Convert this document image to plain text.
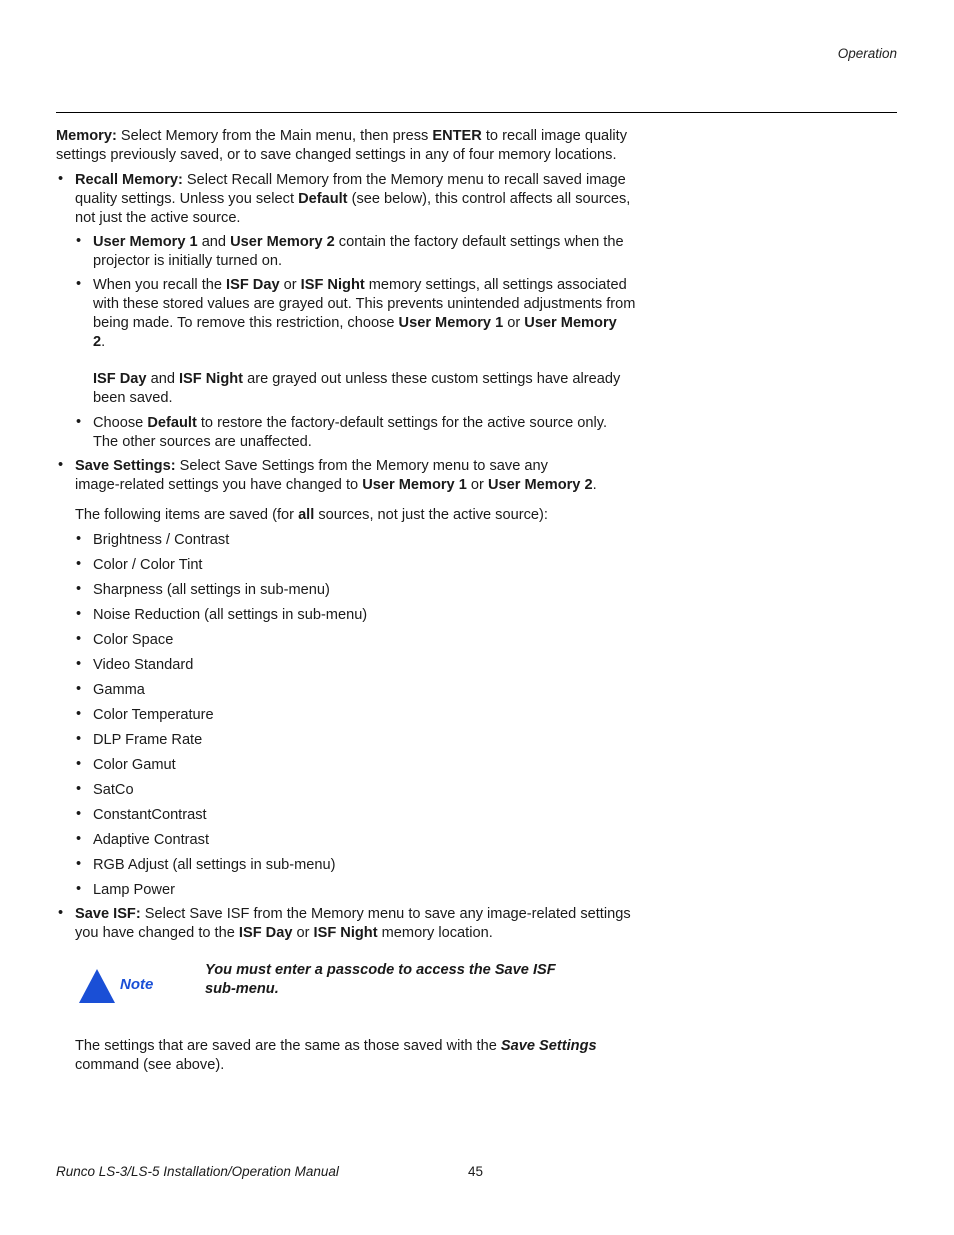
Operation
Memory: Select Memory from the Main menu, then press ENTER to recall image quality
settings previously saved, or to save changed settings in any of four memory locations.
• Recall Memory: Select Recall Memory from the Memory menu to recall saved image
quality settings. Unless you select Default (see below), this control affects all sources,
not just the active source.
• User Memory 1 and User Memory 2 contain the factory default settings when the
projector is initially turned on.
• When you recall the ISF Day or ISF Night memory settings, all settings associated
with these stored values are grayed out. This prevents unintended adjustments from
being made. To remove this restriction, choose User Memory 1 or User Memory
2.
ISF Day and ISF Night are grayed out unless these custom settings have already
been saved.
• Choose Default to restore the factory-default settings for the active source only.
The other sources are unaffected.
• Save Settings: Select Save Settings from the Memory menu to save any
image-related settings you have changed to User Memory 1 or User Memory 2.
The following items are saved (for all sources, not just the active source):
• Brightness / Contrast
• Color / Color Tint
• Sharpness (all settings in sub-menu)
• Noise Reduction (all settings in sub-menu)
• Color Space
• Video Standard
• Gamma
• Color Temperature
• DLP Frame Rate
• Color Gamut
• SatCo
• ConstantContrast
• Adaptive Contrast
• RGB Adjust (all settings in sub-menu)
• Lamp Power
• Save ISF: Select Save ISF from the Memory menu to save any image-related settings
you have changed to the ISF Day or ISF Night memory location.
Note
You must enter a passcode to access the Save ISF
sub-menu.
The settings that are saved are the same as those saved with the Save Settings
command (see above).
Runco LS-3/LS-5 Installation/Operation Manual	45
